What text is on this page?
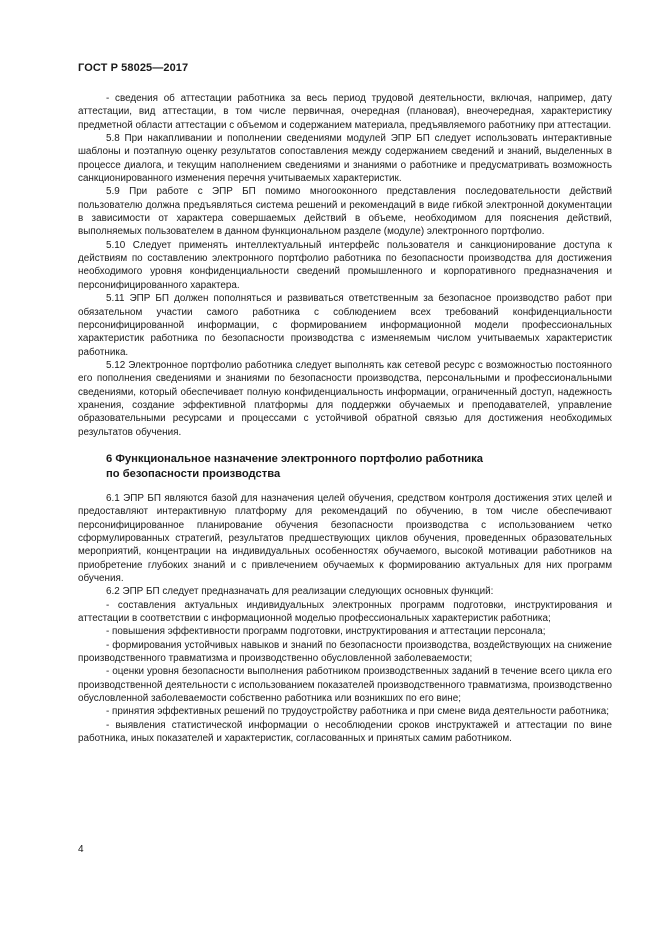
ГОСТ Р 58025—2017

- сведения об аттестации работника за весь период трудовой деятельности, включая, например, дату аттестации, вид аттестации, в том числе первичная, очередная (плановая), внеочередная, характеристику предметной области аттестации с объемом и содержанием материала, предъявляемого работнику при аттестации.

5.8 При накапливании и пополнении сведениями модулей ЭПР БП следует использовать интерактивные шаблоны и поэтапную оценку результатов сопоставления между содержанием сведений и знаний, выделенных в процессе диалога, и текущим наполнением сведениями и знаниями о работнике и предусматривать возможность санкционированного изменения перечня учитываемых характеристик.

5.9 При работе с ЭПР БП помимо многооконного представления последовательности действий пользователю должна предъявляться система решений и рекомендаций в виде гибкой электронной документации в зависимости от характера совершаемых действий в объеме, необходимом для пояснения действий, выполняемых пользователем в данном функциональном разделе (модуле) электронного портфолио.

5.10 Следует применять интеллектуальный интерфейс пользователя и санкционирование доступа к действиям по составлению электронного портфолио работника по безопасности производства для достижения необходимого уровня конфиденциальности сведений промышленного и корпоративного предназначения и персонифицированного характера.

5.11 ЭПР БП должен пополняться и развиваться ответственным за безопасное производство работ при обязательном участии самого работника с соблюдением всех требований конфиденциальности персонифицированной информации, с формированием информационной модели профессиональных характеристик работника по безопасности производства с изменяемым числом учитываемых характеристик работника.

5.12 Электронное портфолио работника следует выполнять как сетевой ресурс с возможностью постоянного его пополнения сведениями и знаниями по безопасности производства, персональными и профессиональными сведениями, который обеспечивает полную конфиденциальность информации, ограниченный доступ, надежность хранения, создание эффективной платформы для поддержки обучаемых и преподавателей, управление образовательными ресурсами и процессами с устойчивой обратной связью для достижения необходимых результатов обучения.

6 Функциональное назначение электронного портфолио работника
по безопасности производства

6.1 ЭПР БП являются базой для назначения целей обучения, средством контроля достижения этих целей и предоставляют интерактивную платформу для рекомендаций по обучению, в том числе обеспечивают персонифицированное планирование обучения безопасности производства с использованием четко сформулированных стратегий, результатов предшествующих циклов обучения, проведенных образовательных мероприятий, концентрации на индивидуальных особенностях обучаемого, высокой мотивации работников на приобретение глубоких знаний и с привлечением обучаемых к формированию актуальных для них программ обучения.

6.2 ЭПР БП следует предназначать для реализации следующих основных функций:

- составления актуальных индивидуальных электронных программ подготовки, инструктирования и аттестации в соответствии с информационной моделью профессиональных характеристик работника;

- повышения эффективности программ подготовки, инструктирования и аттестации персонала;

- формирования устойчивых навыков и знаний по безопасности производства, воздействующих на снижение производственного травматизма и производственно обусловленной заболеваемости;

- оценки уровня безопасности выполнения работником производственных заданий в течение всего цикла его производственной деятельности с использованием показателей производственного травматизма, производственно обусловленной заболеваемости собственно работника или возникших по его вине;

- принятия эффективных решений по трудоустройству работника и при смене вида деятельности работника;

- выявления статистической информации о несоблюдении сроков инструктажей и аттестации по вине работника, иных показателей и характеристик, согласованных и принятых самим работником.

4
